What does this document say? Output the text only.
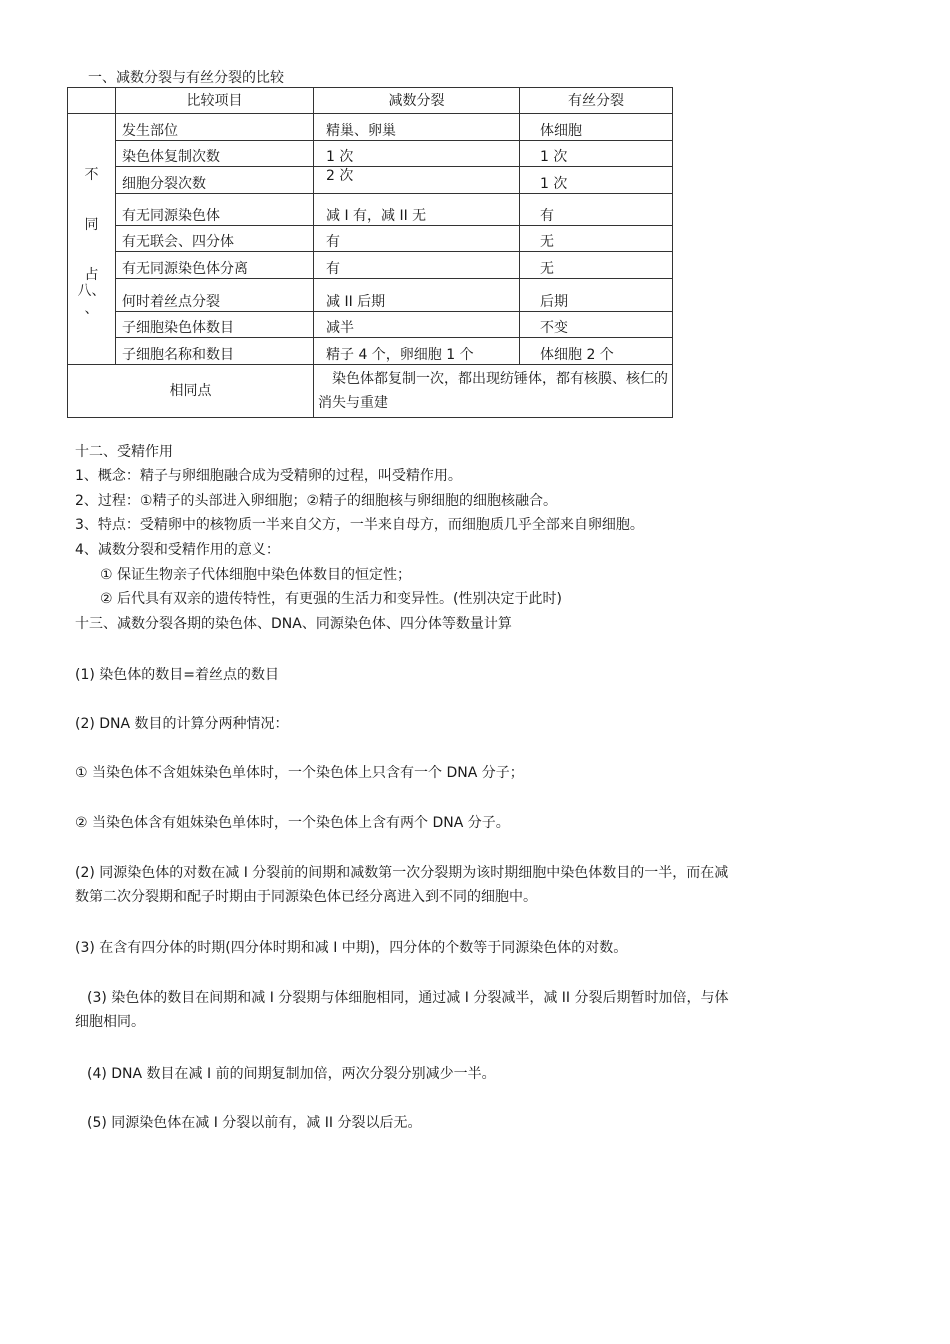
一、减数分裂与有丝分裂的比较
	比较项目	减数分裂	有丝分裂

不
同
占
八、
、	发生部位	精巢、卵巢	体细胞
	染色体复制次数	1 次	1 次
	细胞分裂次数	2 次	1 次
	有无同源染色体	减 I 有，减 II 无	有
	有无联会、四分体	有	无
	有无同源染色体分离	有	无
	何时着丝点分裂	减 II 后期	后期
	子细胞染色体数目	减半	不变
	子细胞名称和数目	精子 4 个，卵细胞 1 个	体细胞 2 个
相同点		染色体都复制一次，都出现纺锤体，都有核膜、核仁的消失与重建	
十二、受精作用
1、概念：精子与卵细胞融合成为受精卵的过程，叫受精作用。
2、过程：①精子的头部进入卵细胞；②精子的细胞核与卵细胞的细胞核融合。
3、特点：受精卵中的核物质一半来自父方，一半来自母方，而细胞质几乎全部来自卵细胞。
4、减数分裂和受精作用的意义：
① 保证生物亲子代体细胞中染色体数目的恒定性；
② 后代具有双亲的遗传特性，有更强的生活力和变异性。(性别决定于此时)
十三、减数分裂各期的染色体、DNA、同源染色体、四分体等数量计算
(1) 染色体的数目=着丝点的数目
(2) DNA 数目的计算分两种情况：
① 当染色体不含姐妹染色单体时，一个染色体上只含有一个 DNA 分子；
② 当染色体含有姐妹染色单体时，一个染色体上含有两个 DNA 分子。
(2) 同源染色体的对数在减 I 分裂前的间期和减数第一次分裂期为该时期细胞中染色体数目的一半，而在减数第二次分裂期和配子时期由于同源染色体已经分离进入到不同的细胞中。
(3) 在含有四分体的时期(四分体时期和减 I 中期)，四分体的个数等于同源染色体的对数。
(3) 染色体的数目在间期和减 I 分裂期与体细胞相同，通过减 I 分裂减半，减 II 分裂后期暂时加倍，与体细胞相同。
(4) DNA 数目在减 I 前的间期复制加倍，两次分裂分别减少一半。
(5) 同源染色体在减 I 分裂以前有，减 II 分裂以后无。
